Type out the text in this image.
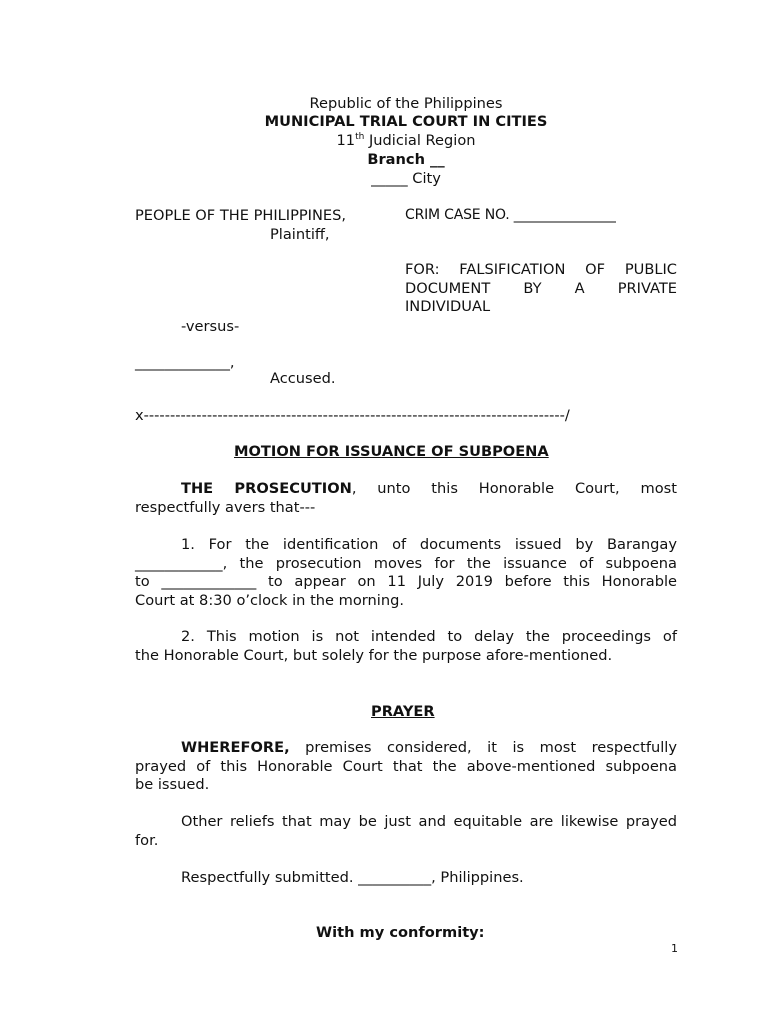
Republic of the Philippines
MUNICIPAL TRIAL COURT IN CITIES
11th Judicial Region
Branch __
_____ City
PEOPLE OF THE PHILIPPINES,
Plaintiff,
CRIM CASE NO. _______________
FOR: FALSIFICATION OF PUBLIC
DOCUMENT BY A PRIVATE
INDIVIDUAL
-versus-
_____________,
Accused.
x--------------------------------------------------------------------------------/
MOTION FOR ISSUANCE OF SUBPOENA
THE PROSECUTION, unto this Honorable Court, most
respectfully avers that---
1. For the identification of documents issued by Barangay
____________, the prosecution moves for the issuance of subpoena
to _____________ to appear on 11 July 2019 before this Honorable
Court at 8:30 o’clock in the morning.
2. This motion is not intended to delay the proceedings of
the Honorable Court, but solely for the purpose afore-mentioned.
PRAYER
WHEREFORE, premises considered, it is most respectfully
prayed of this Honorable Court that the above-mentioned subpoena
be issued.
Other reliefs that may be just and equitable are likewise prayed
for.
Respectfully submitted. __________, Philippines.
With my conformity:
1
